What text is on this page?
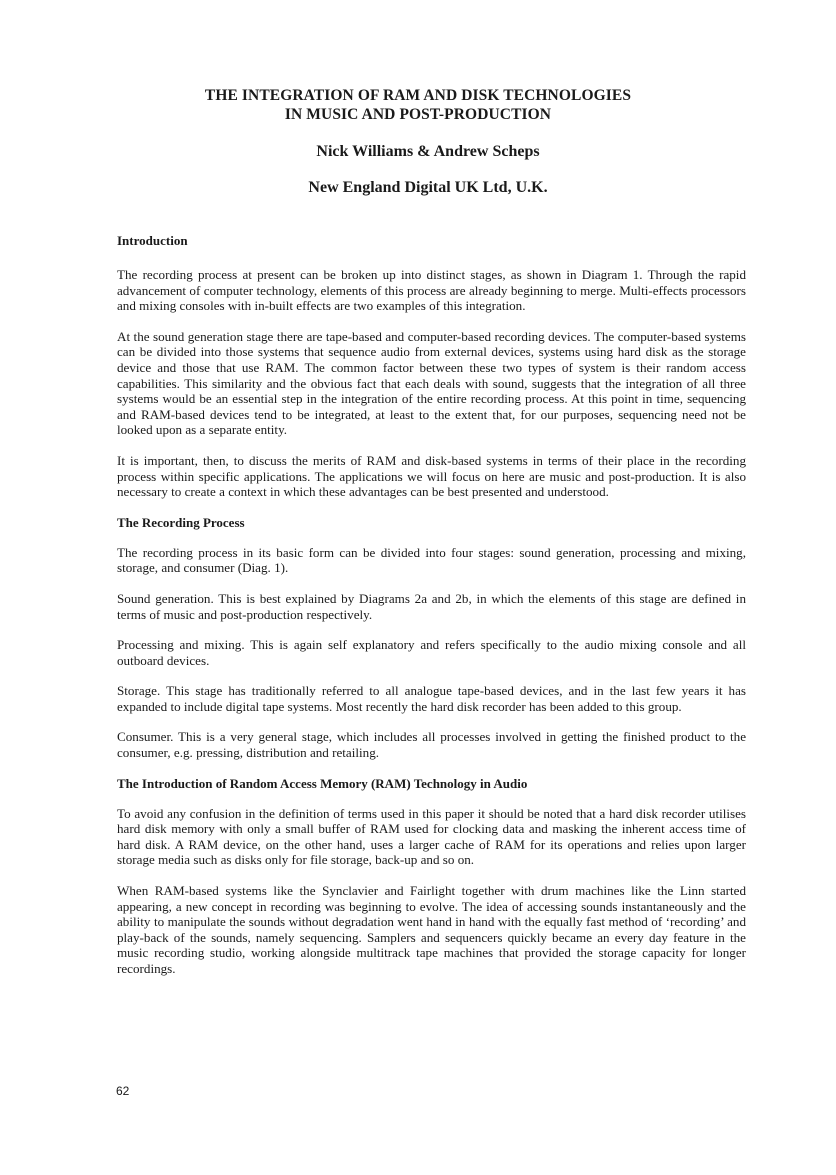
THE INTEGRATION OF RAM AND DISK TECHNOLOGIES
IN MUSIC AND POST-PRODUCTION
Nick Williams & Andrew Scheps
New England Digital UK Ltd, U.K.

Introduction

The recording process at present can be broken up into distinct stages, as shown in Diagram 1. Through the rapid advancement of computer technology, elements of this process are already beginning to merge. Multi-effects processors and mixing consoles with in-built effects are two examples of this integration.

At the sound generation stage there are tape-based and computer-based recording devices. The computer-based systems can be divided into those systems that sequence audio from external devices, systems using hard disk as the storage device and those that use RAM. The common factor between these two types of system is their random access capabilities. This similarity and the obvious fact that each deals with sound, suggests that the integration of all three systems would be an essential step in the integration of the entire recording process. At this point in time, sequencing and RAM-based devices tend to be integrated, at least to the extent that, for our purposes, sequencing need not be looked upon as a separate entity.

It is important, then, to discuss the merits of RAM and disk-based systems in terms of their place in the recording process within specific applications. The applications we will focus on here are music and post-production. It is also necessary to create a context in which these advantages can be best presented and understood.

The Recording Process

The recording process in its basic form can be divided into four stages: sound generation, processing and mixing, storage, and consumer (Diag. 1).

Sound generation. This is best explained by Diagrams 2a and 2b, in which the elements of this stage are defined in terms of music and post-production respectively.

Processing and mixing. This is again self explanatory and refers specifically to the audio mixing console and all outboard devices.

Storage. This stage has traditionally referred to all analogue tape-based devices, and in the last few years it has expanded to include digital tape systems. Most recently the hard disk recorder has been added to this group.

Consumer. This is a very general stage, which includes all processes involved in getting the finished product to the consumer, e.g. pressing, distribution and retailing.

The Introduction of Random Access Memory (RAM) Technology in Audio

To avoid any confusion in the definition of terms used in this paper it should be noted that a hard disk recorder utilises hard disk memory with only a small buffer of RAM used for clocking data and masking the inherent access time of hard disk. A RAM device, on the other hand, uses a larger cache of RAM for its operations and relies upon larger storage media such as disks only for file storage, back-up and so on.

When RAM-based systems like the Synclavier and Fairlight together with drum machines like the Linn started appearing, a new concept in recording was beginning to evolve. The idea of accessing sounds instantaneously and the ability to manipulate the sounds without degradation went hand in hand with the equally fast method of ‘recording’ and play-back of the sounds, namely sequencing. Samplers and sequencers quickly became an every day feature in the music recording studio, working alongside multitrack tape machines that provided the storage capacity for longer recordings.

62
